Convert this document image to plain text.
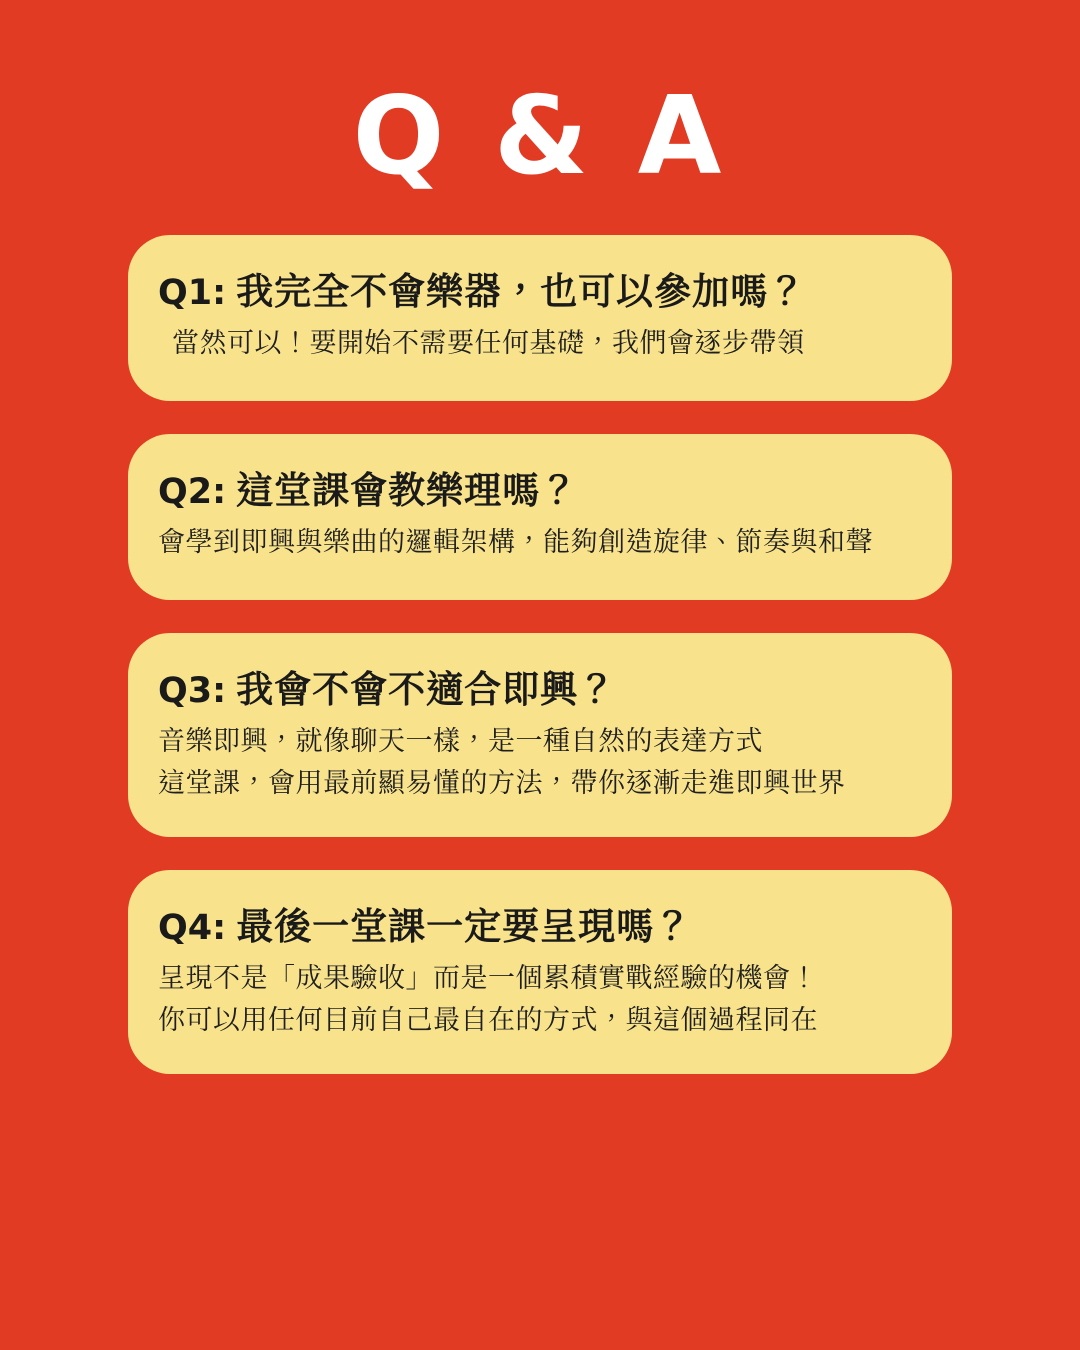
Q & A
Q1: 我完全不會樂器，也可以參加嗎？
當然可以！要開始不需要任何基礎，我們會逐步帶領
Q2: 這堂課會教樂理嗎？
會學到即興與樂曲的邏輯架構，能夠創造旋律、節奏與和聲
Q3: 我會不會不適合即興？
音樂即興，就像聊天一樣，是一種自然的表達方式
這堂課，會用最前顯易懂的方法，帶你逐漸走進即興世界
Q4: 最後一堂課一定要呈現嗎？
呈現不是「成果驗收」而是一個累積實戰經驗的機會！
你可以用任何目前自己最自在的方式，與這個過程同在
